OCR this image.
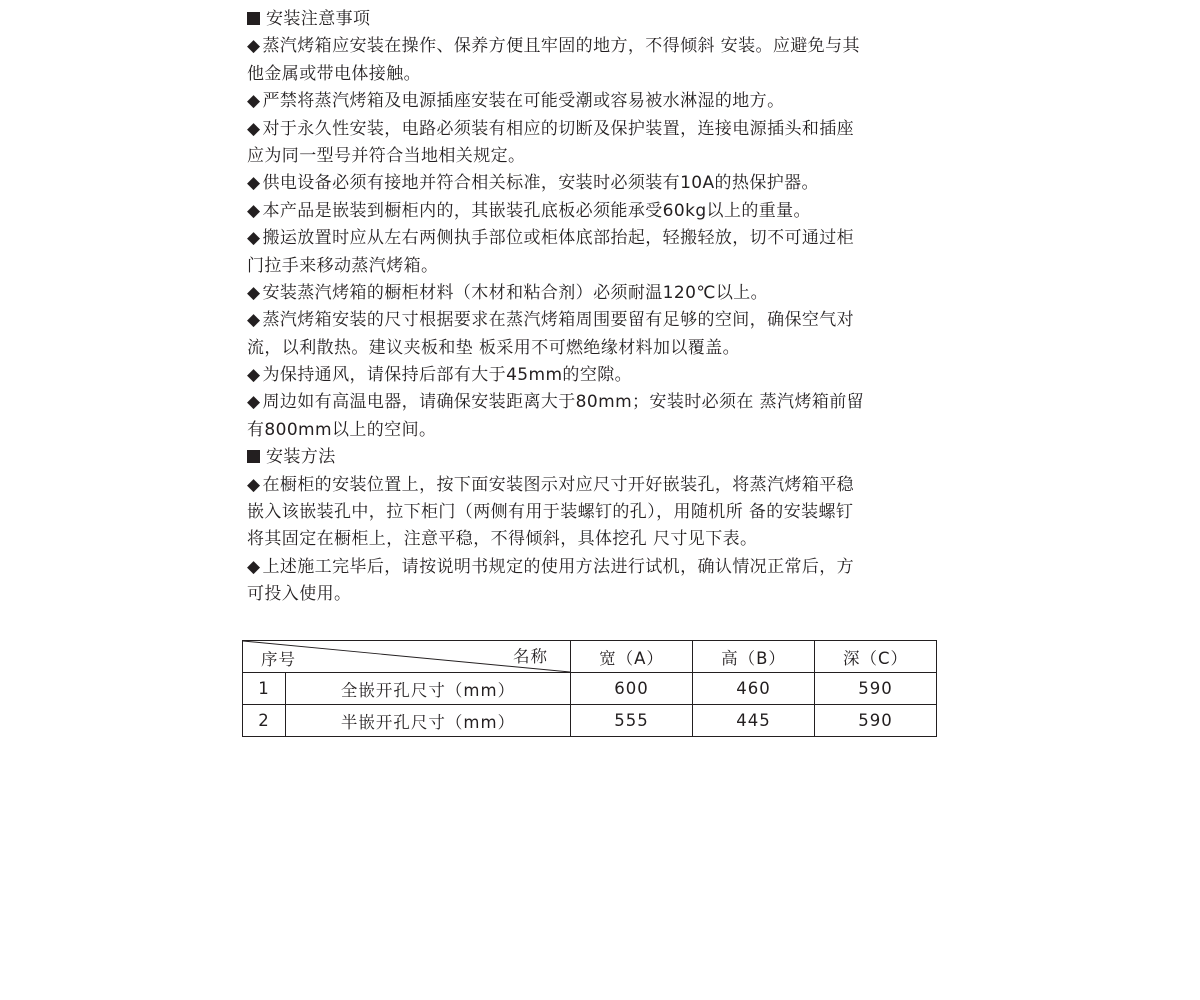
安装注意事项
◆ 蒸汽烤箱应安装在操作、保养方便且牢固的地方，不得倾斜 安装。应避免与其
他金属或带电体接触。
◆ 严禁将蒸汽烤箱及电源插座安装在可能受潮或容易被水淋湿的地方。
◆ 对于永久性安装，电路必须装有相应的切断及保护装置，连接电源插头和插座
应为同一型号并符合当地相关规定。
◆ 供电设备必须有接地并符合相关标准，安装时必须装有10A的热保护器。
◆ 本产品是嵌装到橱柜内的，其嵌装孔底板必须能承受60kg以上的重量。
◆ 搬运放置时应从左右两侧执手部位或柜体底部抬起，轻搬轻放，切不可通过柜
门拉手来移动蒸汽烤箱。
◆ 安装蒸汽烤箱的橱柜材料（木材和粘合剂）必须耐温120℃以上。
◆ 蒸汽烤箱安装的尺寸根据要求在蒸汽烤箱周围要留有足够的空间，确保空气对
流，以利散热。建议夹板和垫 板采用不可燃绝缘材料加以覆盖。
◆ 为保持通风，请保持后部有大于45mm的空隙。
◆ 周边如有高温电器，请确保安装距离大于80mm；安装时必须在 蒸汽烤箱前留
有800mm以上的空间。
安装方法
◆ 在橱柜的安装位置上，按下面安装图示对应尺寸开好嵌装孔，将蒸汽烤箱平稳
嵌入该嵌装孔中，拉下柜门（两侧有用于装螺钉的孔），用随机所 备的安装螺钉
将其固定在橱柜上，注意平稳，不得倾斜，具体挖孔 尺寸见下表。
◆ 上述施工完毕后，请按说明书规定的使用方法进行试机，确认情况正常后，方
可投入使用。
名称
序号		宽（A）	高（B）	深（C）
1	全嵌开孔尺寸（mm）	600	460	590
2	半嵌开孔尺寸（mm）	555	445	590
